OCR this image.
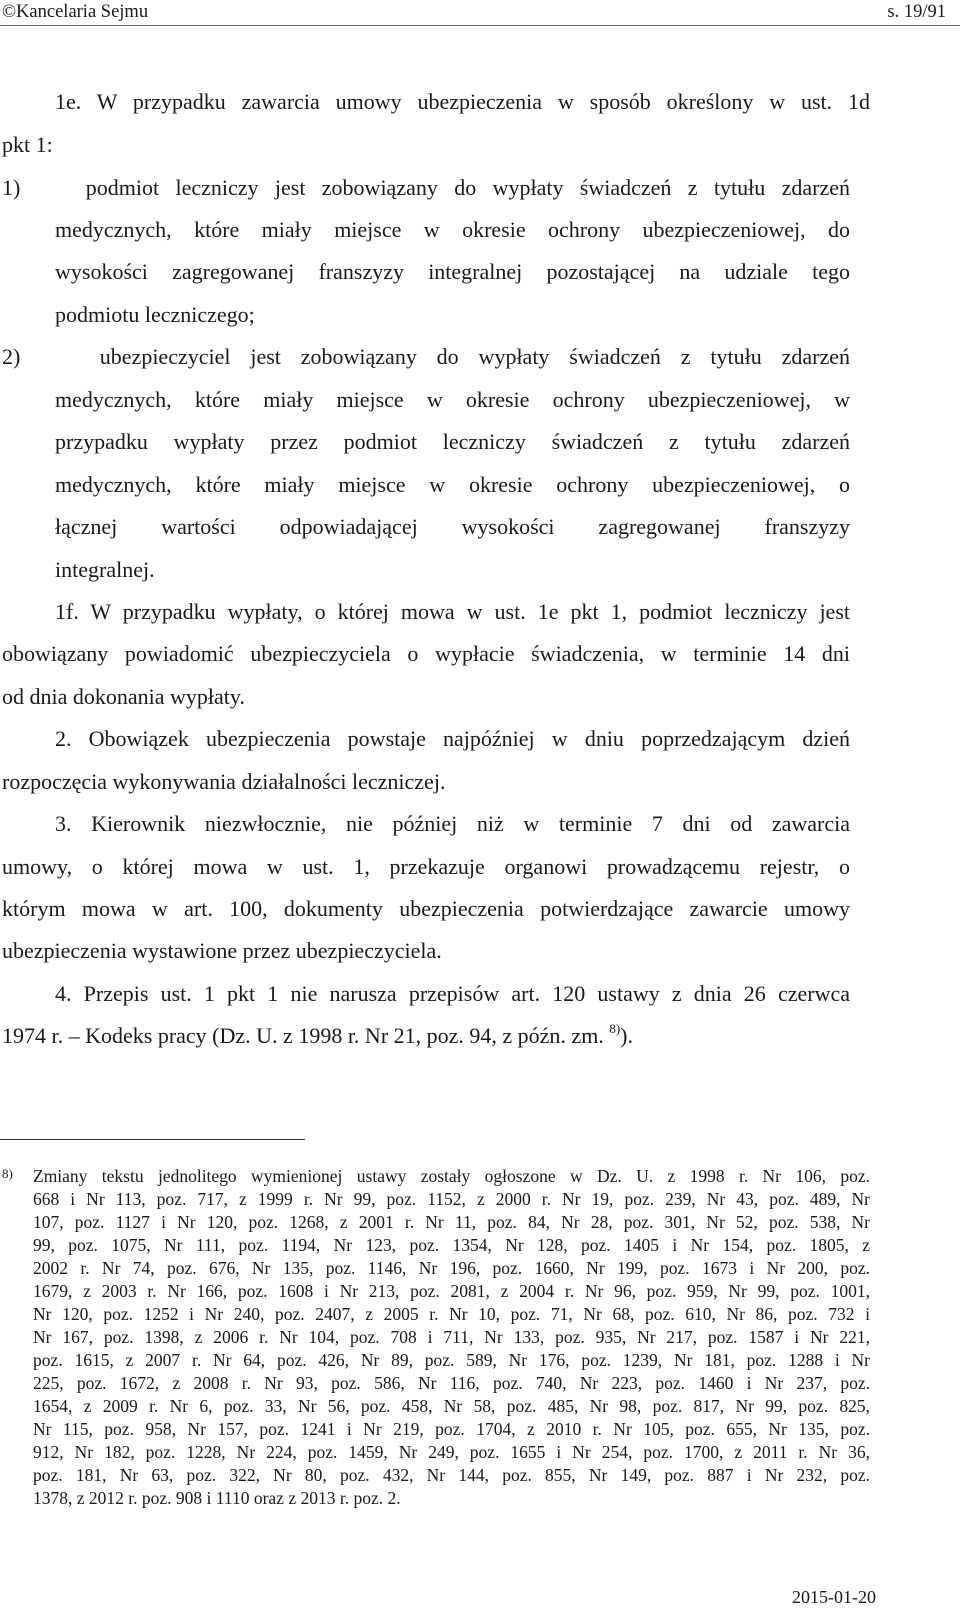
©Kancelaria Sejmu	s. 19/91
1e. W przypadku zawarcia umowy ubezpieczenia w sposób określony w ust. 1d
pkt 1:
1)    podmiot leczniczy jest zobowiązany do wypłaty świadczeń z tytułu zdarzeń
medycznych, które miały miejsce w okresie ochrony ubezpieczeniowej, do
wysokości zagregowanej franszyzy integralnej pozostającej na udziale tego
podmiotu leczniczego;
2)    ubezpieczyciel jest zobowiązany do wypłaty świadczeń z tytułu zdarzeń
medycznych, które miały miejsce w okresie ochrony ubezpieczeniowej, w
przypadku wypłaty przez podmiot leczniczy świadczeń z tytułu zdarzeń
medycznych, które miały miejsce w okresie ochrony ubezpieczeniowej, o
łącznej wartości odpowiadającej wysokości zagregowanej franszyzy
integralnej.
1f. W przypadku wypłaty, o której mowa w ust. 1e pkt 1, podmiot leczniczy jest
obowiązany powiadomić ubezpieczyciela o wypłacie świadczenia, w terminie 14 dni
od dnia dokonania wypłaty.
2. Obowiązek ubezpieczenia powstaje najpóźniej w dniu poprzedzającym dzień
rozpoczęcia wykonywania działalności leczniczej.
3. Kierownik niezwłocznie, nie później niż w terminie 7 dni od zawarcia
umowy, o której mowa w ust. 1, przekazuje organowi prowadzącemu rejestr, o
którym mowa w art. 100, dokumenty ubezpieczenia potwierdzające zawarcie umowy
ubezpieczenia wystawione przez ubezpieczyciela.
4. Przepis ust. 1 pkt 1 nie narusza przepisów art. 120 ustawy z dnia 26 czerwca
1974 r. – Kodeks pracy (Dz. U. z 1998 r. Nr 21, poz. 94, z późn. zm. $^{8)}$).
8) Zmiany tekstu jednolitego wymienionej ustawy zostały ogłoszone w Dz. U. z 1998 r. Nr 106, poz.
668 i Nr 113, poz. 717, z 1999 r. Nr 99, poz. 1152, z 2000 r. Nr 19, poz. 239, Nr 43, poz. 489, Nr
107, poz. 1127 i Nr 120, poz. 1268, z 2001 r. Nr 11, poz. 84, Nr 28, poz. 301, Nr 52, poz. 538, Nr
99, poz. 1075, Nr 111, poz. 1194, Nr 123, poz. 1354, Nr 128, poz. 1405 i Nr 154, poz. 1805, z
2002 r. Nr 74, poz. 676, Nr 135, poz. 1146, Nr 196, poz. 1660, Nr 199, poz. 1673 i Nr 200, poz.
1679, z 2003 r. Nr 166, poz. 1608 i Nr 213, poz. 2081, z 2004 r. Nr 96, poz. 959, Nr 99, poz. 1001,
Nr 120, poz. 1252 i Nr 240, poz. 2407, z 2005 r. Nr 10, poz. 71, Nr 68, poz. 610, Nr 86, poz. 732 i
Nr 167, poz. 1398, z 2006 r. Nr 104, poz. 708 i 711, Nr 133, poz. 935, Nr 217, poz. 1587 i Nr 221,
poz. 1615, z 2007 r. Nr 64, poz. 426, Nr 89, poz. 589, Nr 176, poz. 1239, Nr 181, poz. 1288 i Nr
225, poz. 1672, z 2008 r. Nr 93, poz. 586, Nr 116, poz. 740, Nr 223, poz. 1460 i Nr 237, poz.
1654, z 2009 r. Nr 6, poz. 33, Nr 56, poz. 458, Nr 58, poz. 485, Nr 98, poz. 817, Nr 99, poz. 825,
Nr 115, poz. 958, Nr 157, poz. 1241 i Nr 219, poz. 1704, z 2010 r. Nr 105, poz. 655, Nr 135, poz.
912, Nr 182, poz. 1228, Nr 224, poz. 1459, Nr 249, poz. 1655 i Nr 254, poz. 1700, z 2011 r. Nr 36,
poz. 181, Nr 63, poz. 322, Nr 80, poz. 432, Nr 144, poz. 855, Nr 149, poz. 887 i Nr 232, poz.
1378, z 2012 r. poz. 908 i 1110 oraz z 2013 r. poz. 2.
2015-01-20
